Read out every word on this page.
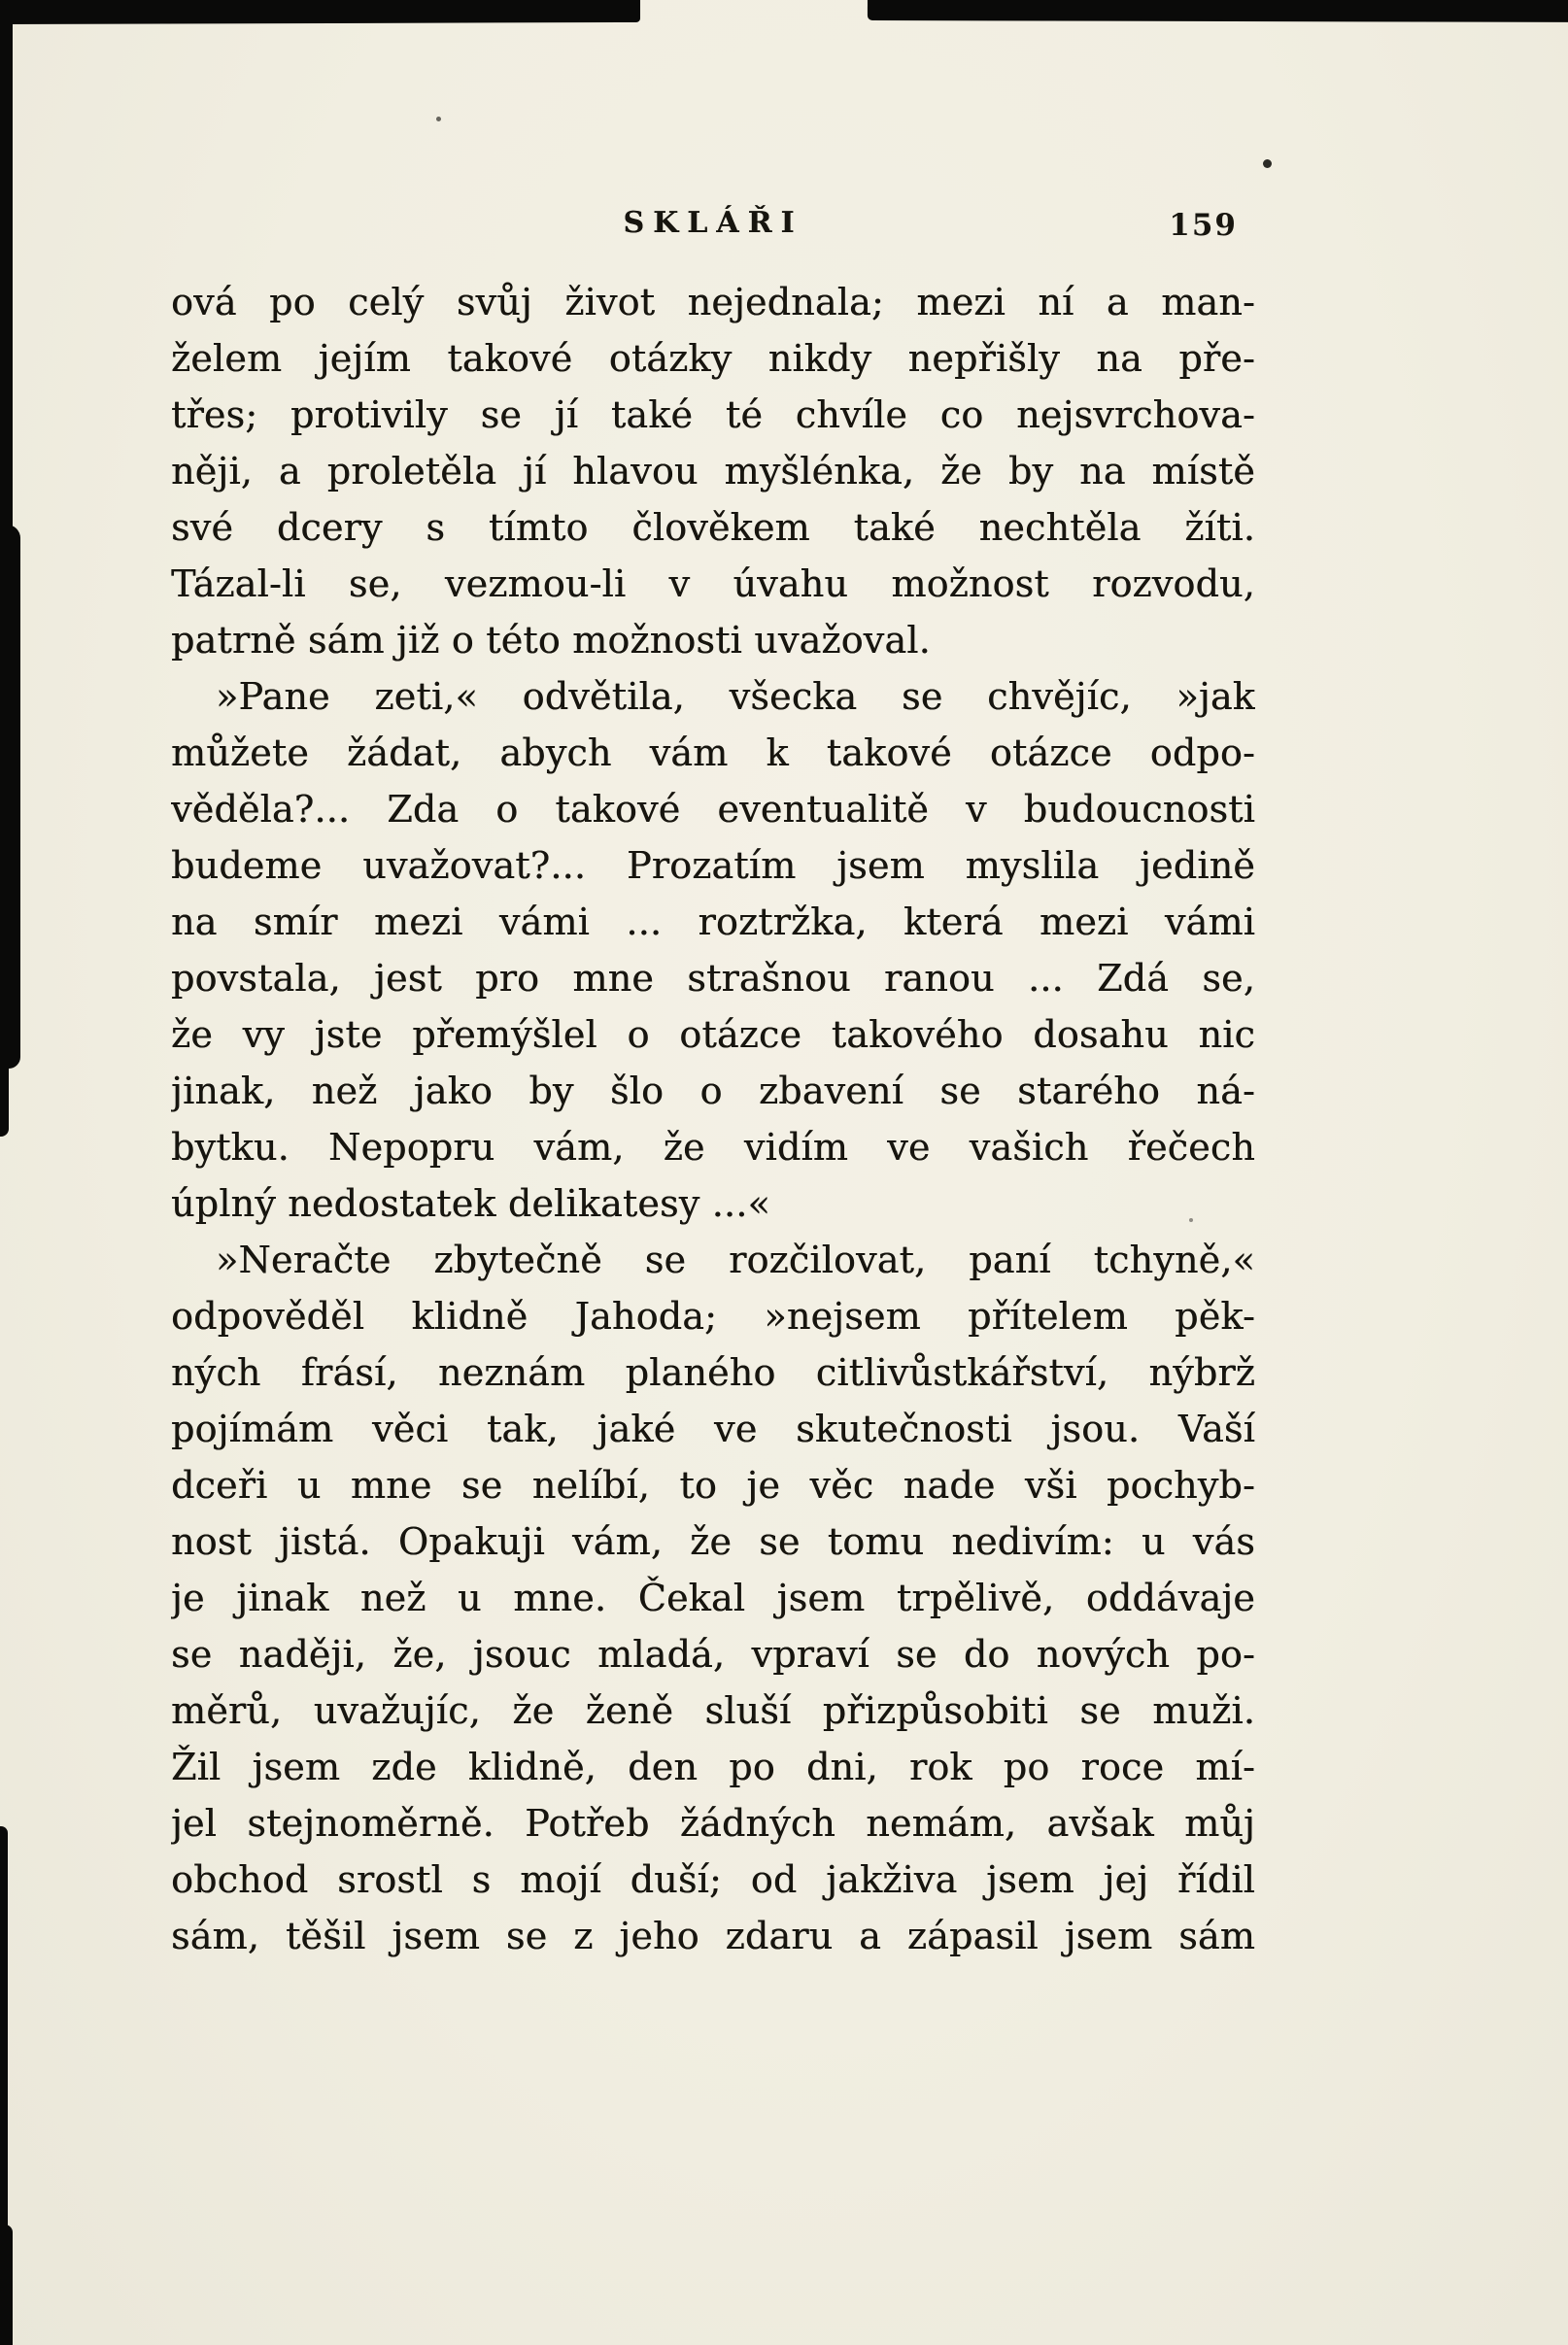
SKLÁŘI	159
ová po celý svůj život nejednala; mezi ní a man-
želem jejím takové otázky nikdy nepřišly na pře-
třes; protivily se jí také té chvíle co nejsvrchova-
něji, a proletěla jí hlavou myšlénka, že by na místě
své dcery s tímto člověkem také nechtěla žíti.
Tázal-li se, vezmou-li v úvahu možnost rozvodu,
patrně sám již o této možnosti uvažoval.
»Pane zeti,« odvětila, všecka se chvějíc, »jak
můžete žádat, abych vám k takové otázce odpo-
věděla?... Zda o takové eventualitě v budoucnosti
budeme uvažovat?... Prozatím jsem myslila jedině
na smír mezi vámi ... roztržka, která mezi vámi
povstala, jest pro mne strašnou ranou ... Zdá se,
že vy jste přemýšlel o otázce takového dosahu nic
jinak, než jako by šlo o zbavení se starého ná-
bytku. Nepopru vám, že vidím ve vašich řečech
úplný nedostatek delikatesy ...«
»Neračte zbytečně se rozčilovat, paní tchyně,«
odpověděl klidně Jahoda; »nejsem přítelem pěk-
ných frásí, neznám planého citlivůstkářství, nýbrž
pojímám věci tak, jaké ve skutečnosti jsou. Vaší
dceři u mne se nelíbí, to je věc nade vši pochyb-
nost jistá. Opakuji vám, že se tomu nedivím: u vás
je jinak než u mne. Čekal jsem trpělivě, oddávaje
se naději, že, jsouc mladá, vpraví se do nových po-
měrů, uvažujíc, že ženě sluší přizpůsobiti se muži.
Žil jsem zde klidně, den po dni, rok po roce mí-
jel stejnoměrně. Potřeb žádných nemám, avšak můj
obchod srostl s mojí duší; od jakživa jsem jej řídil
sám, těšil jsem se z jeho zdaru a zápasil jsem sám
